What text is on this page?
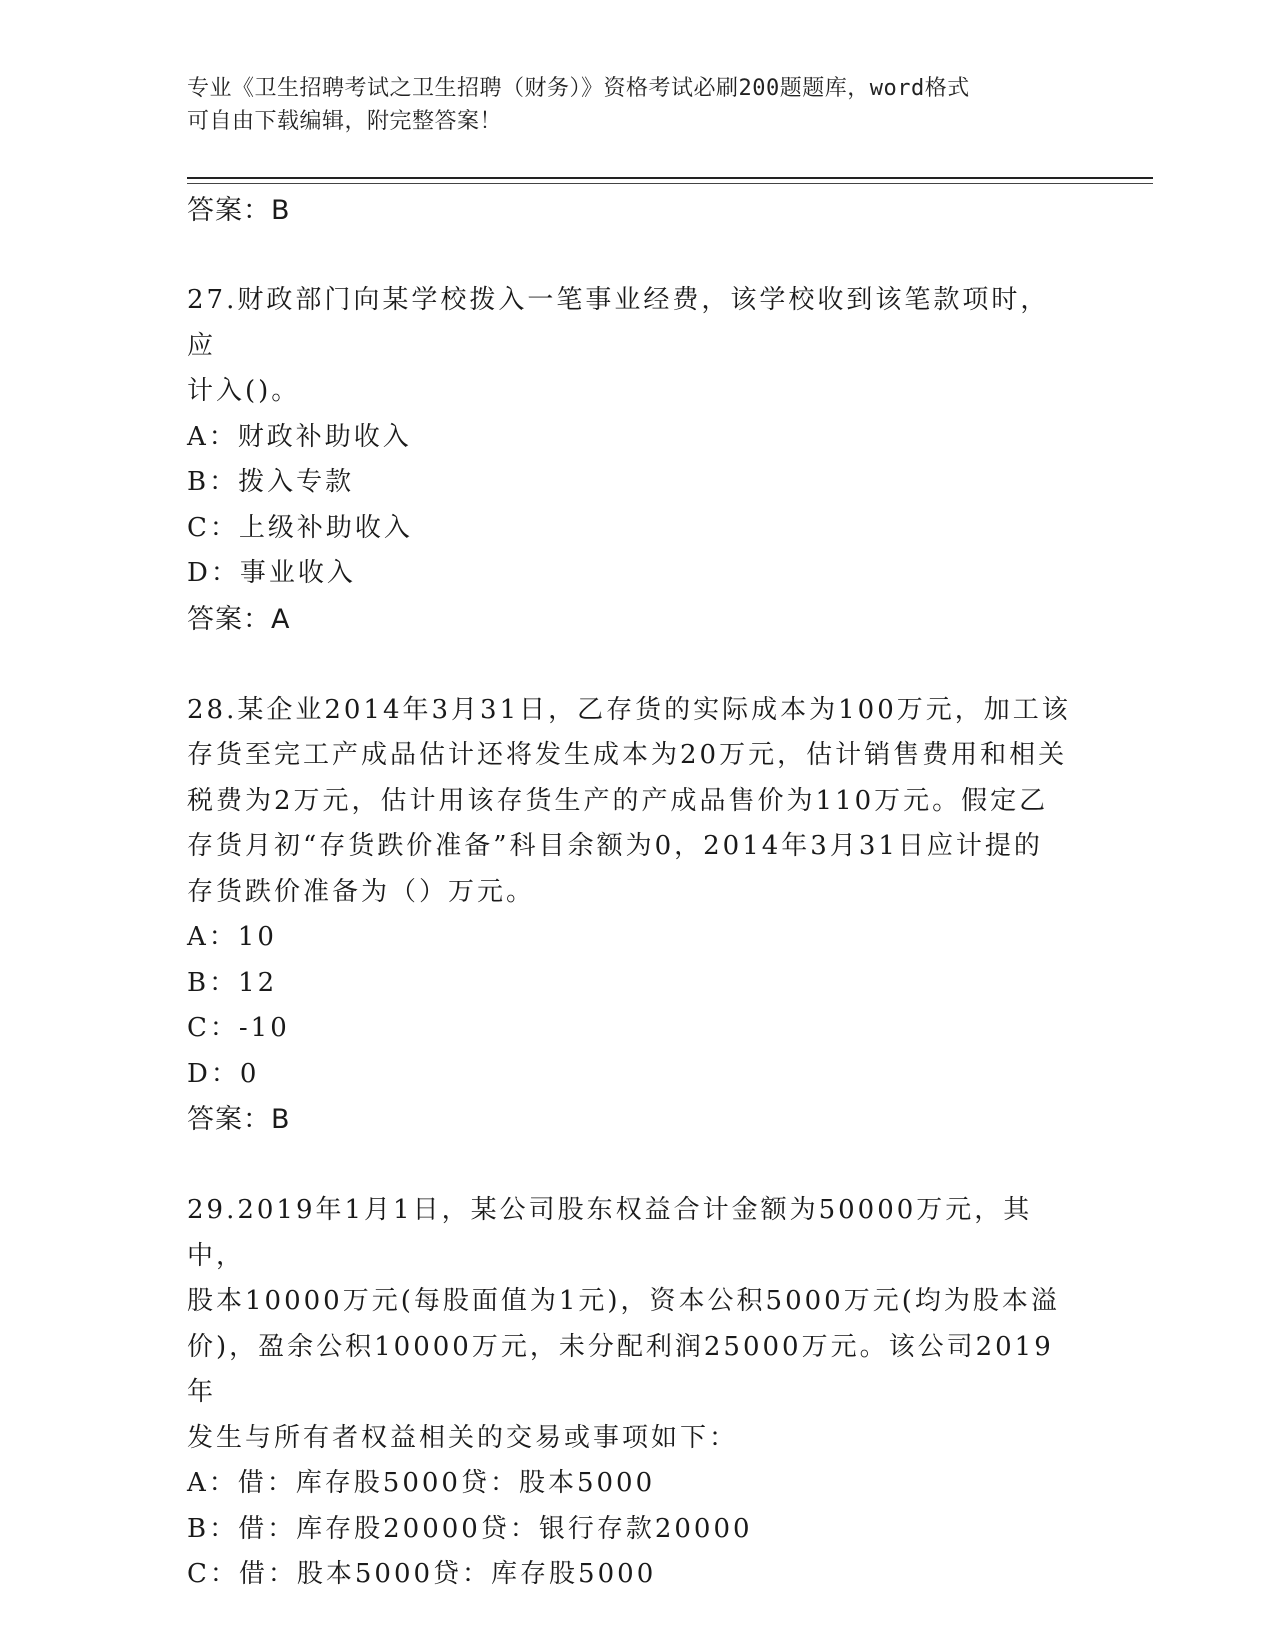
专业《卫生招聘考试之卫生招聘（财务）》资格考试必刷200题题库，word格式
可自由下载编辑，附完整答案！

答案：B

27.财政部门向某学校拨入一笔事业经费，该学校收到该笔款项时，应

计入()。

A：财政补助收入

B：拨入专款

C：上级补助收入

D：事业收入

答案：A

28.某企业2014年3月31日，乙存货的实际成本为100万元，加工该

存货至完工产成品估计还将发生成本为20万元，估计销售费用和相关

税费为2万元，估计用该存货生产的产成品售价为110万元。假定乙

存货月初“存货跌价准备”科目余额为0，2014年3月31日应计提的

存货跌价准备为（）万元。

A：10

B：12

C：-10

D：0

答案：B

29.2019年1月1日，某公司股东权益合计金额为50000万元，其中，

股本10000万元(每股面值为1元)，资本公积5000万元(均为股本溢

价)，盈余公积10000万元，未分配利润25000万元。该公司2019年

发生与所有者权益相关的交易或事项如下：

A：借：库存股5000贷：股本5000

B：借：库存股20000贷：银行存款20000

C：借：股本5000贷：库存股5000
